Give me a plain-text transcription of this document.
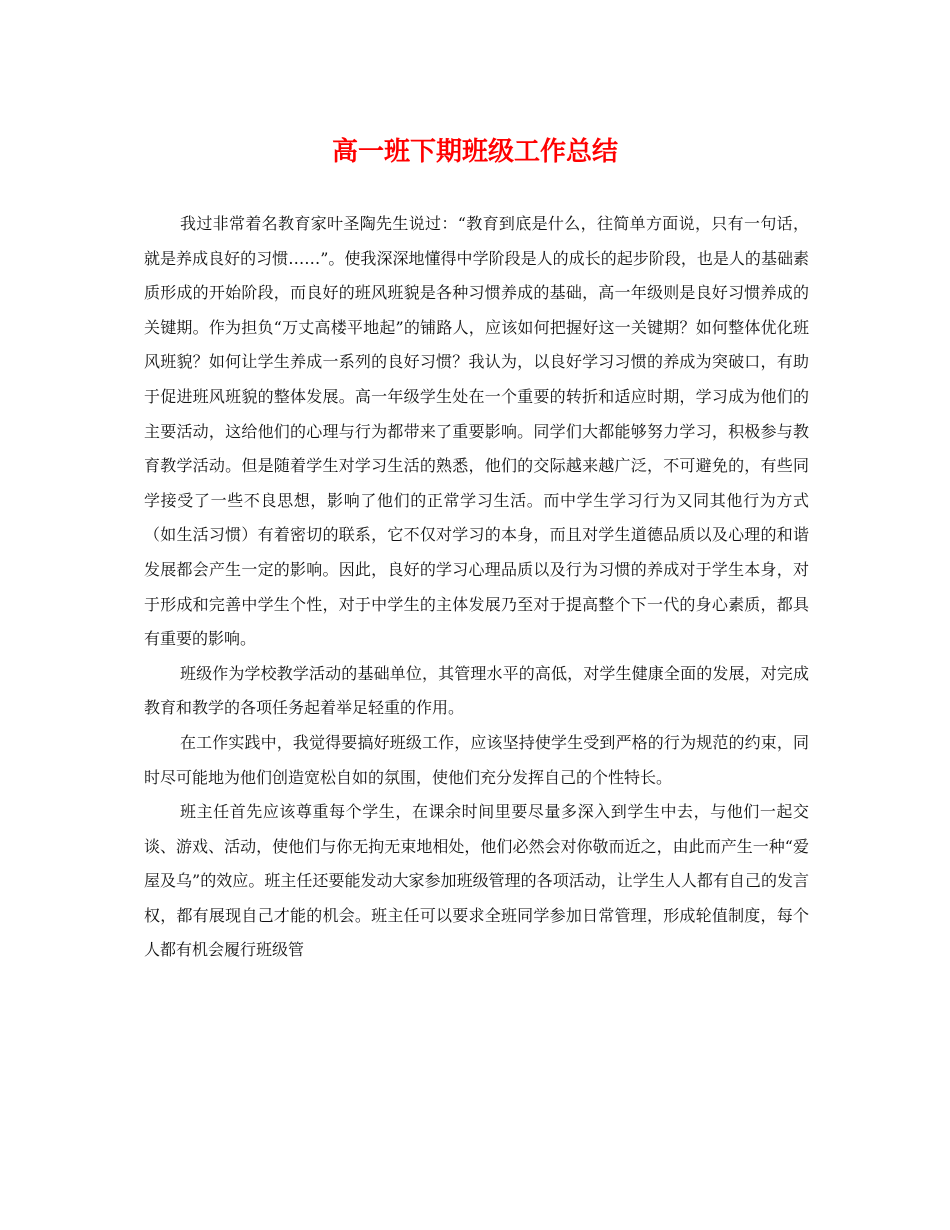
高一班下期班级工作总结

我过非常着名教育家叶圣陶先生说过：“教育到底是什么，往简单方面说，只有一句话，就是养成良好的习惯……”。使我深深地懂得中学阶段是人的成长的起步阶段，也是人的基础素质形成的开始阶段，而良好的班风班貌是各种习惯养成的基础，高一年级则是良好习惯养成的关键期。作为担负“万丈高楼平地起”的铺路人，应该如何把握好这一关键期？如何整体优化班风班貌？如何让学生养成一系列的良好习惯？我认为，以良好学习习惯的养成为突破口，有助于促进班风班貌的整体发展。高一年级学生处在一个重要的转折和适应时期，学习成为他们的主要活动，这给他们的心理与行为都带来了重要影响。同学们大都能够努力学习，积极参与教育教学活动。但是随着学生对学习生活的熟悉，他们的交际越来越广泛，不可避免的，有些同学接受了一些不良思想，影响了他们的正常学习生活。而中学生学习行为又同其他行为方式（如生活习惯）有着密切的联系，它不仅对学习的本身，而且对学生道德品质以及心理的和谐发展都会产生一定的影响。因此，良好的学习心理品质以及行为习惯的养成对于学生本身，对于形成和完善中学生个性，对于中学生的主体发展乃至对于提高整个下一代的身心素质，都具有重要的影响。

班级作为学校教学活动的基础单位，其管理水平的高低，对学生健康全面的发展，对完成教育和教学的各项任务起着举足轻重的作用。

在工作实践中，我觉得要搞好班级工作，应该坚持使学生受到严格的行为规范的约束，同时尽可能地为他们创造宽松自如的氛围，使他们充分发挥自己的个性特长。

班主任首先应该尊重每个学生，在课余时间里要尽量多深入到学生中去，与他们一起交谈、游戏、活动，使他们与你无拘无束地相处，他们必然会对你敬而近之，由此而产生一种“爱屋及乌”的效应。班主任还要能发动大家参加班级管理的各项活动，让学生人人都有自己的发言权，都有展现自己才能的机会。班主任可以要求全班同学参加日常管理，形成轮值制度，每个人都有机会履行班级管
